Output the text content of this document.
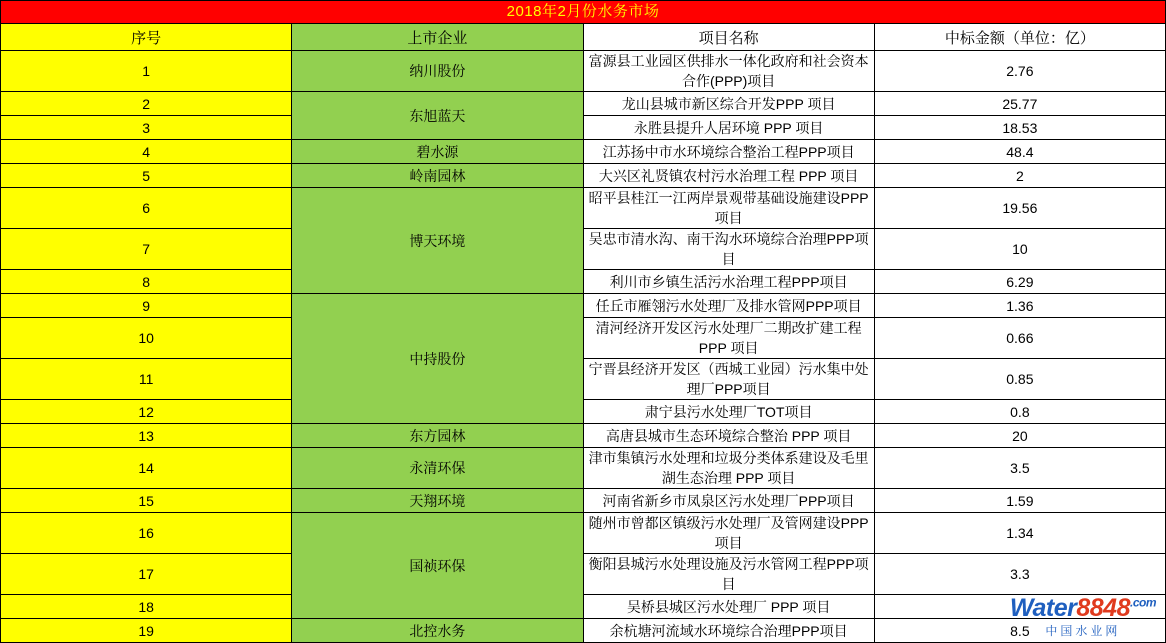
2018年2月份水务市场			
序号	上市企业	项目名称	中标金额（单位：亿）
1	纳川股份	富源县工业园区供排水一体化政府和社会资本合作(PPP)项目	2.76
2	东旭蓝天	龙山县城市新区综合开发PPP 项目	25.77
3		永胜县提升人居环境 PPP 项目	18.53
4	碧水源	江苏扬中市水环境综合整治工程PPP项目	48.4
5	岭南园林	大兴区礼贤镇农村污水治理工程 PPP 项目	2
6	博天环境	昭平县桂江一江两岸景观带基础设施建设PPP项目	19.56
7		吴忠市清水沟、南干沟水环境综合治理PPP项目	10
8		利川市乡镇生活污水治理工程PPP项目	6.29
9	中持股份	任丘市雁翎污水处理厂及排水管网PPP项目	1.36
10		清河经济开发区污水处理厂二期改扩建工程 PPP 项目	0.66
11		宁晋县经济开发区（西城工业园）污水集中处理厂PPP项目	0.85
12		肃宁县污水处理厂TOT项目	0.8
13	东方园林	高唐县城市生态环境综合整治 PPP 项目	20
14	永清环保	津市集镇污水处理和垃圾分类体系建设及毛里湖生态治理 PPP 项目	3.5
15	天翔环境	河南省新乡市凤泉区污水处理厂PPP项目	1.59
16	国祯环保	随州市曾都区镇级污水处理厂及管网建设PPP 项目	1.34
17		衡阳县城污水处理设施及污水管网工程PPP项目	3.3
18		吴桥县城区污水处理厂 PPP 项目	
19	北控水务	余杭塘河流域水环境综合治理PPP项目	8.5
$Water8848^{.com}$
中国水业网
